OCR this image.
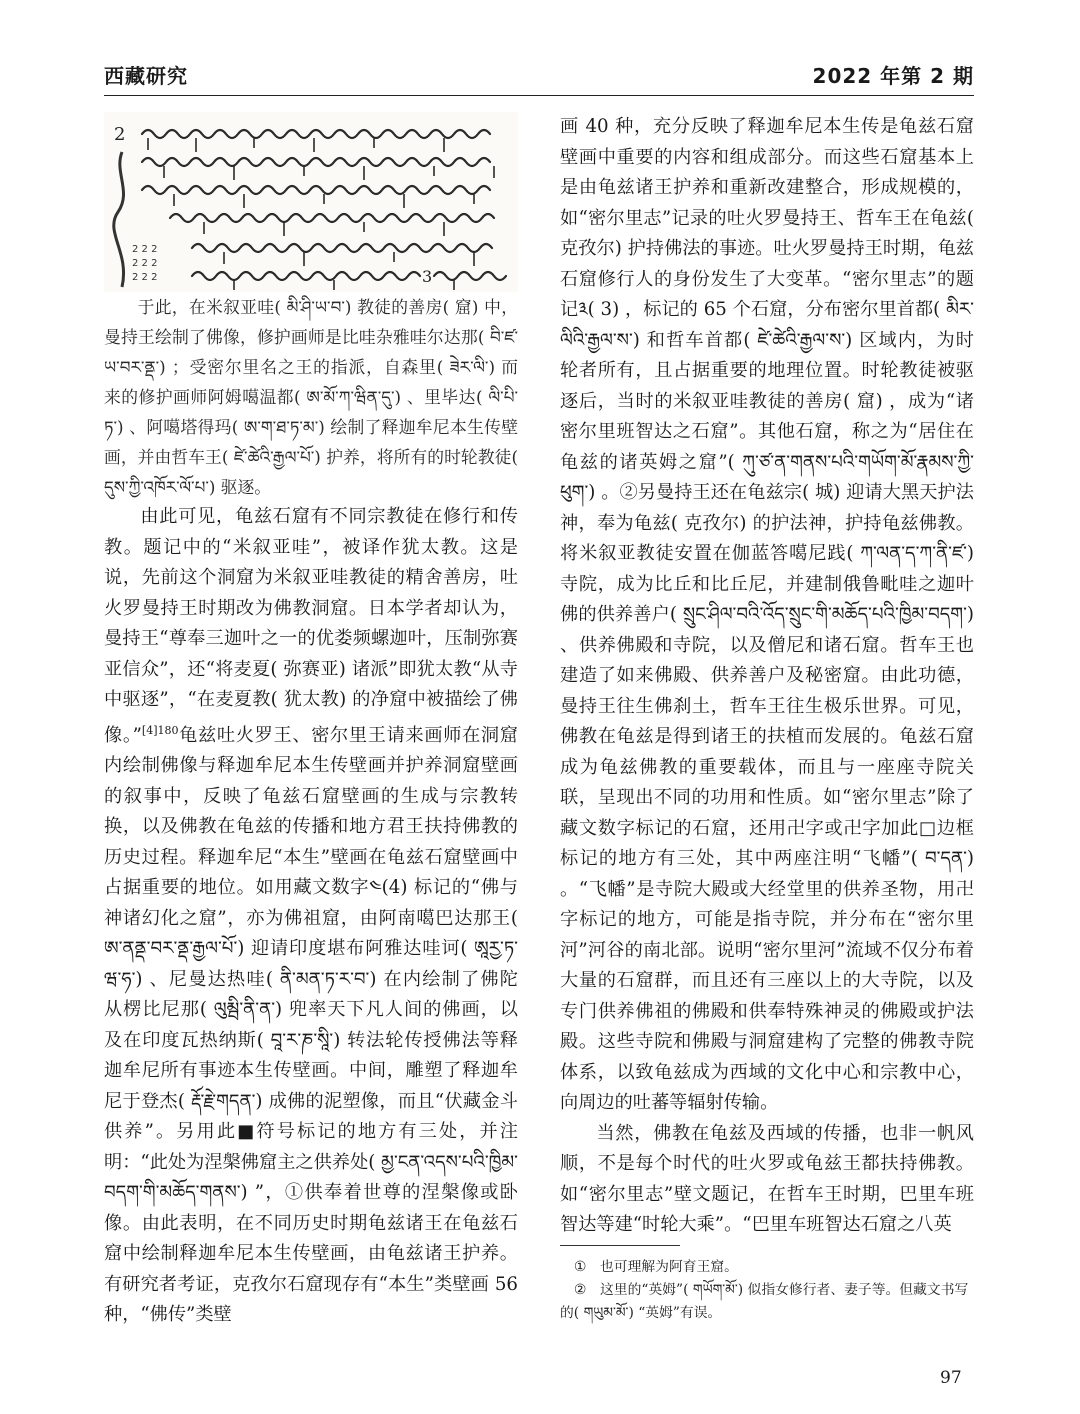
西藏研究	2022 年第 2 期
2
2 2 2
2 2 2
2 2 2	3

于此，在米叙亚哇( མི་ཤི་ཡ་བ་) 教徒的善房( 窟) 中，曼持王绘制了佛像，修护画师是比哇杂雅哇尔达那( བི་ཛ་ཡ་བར་ནྡ་) ；受密尔里名之王的指派，自森里( ཟེར་ལི་) 而来的修护画师阿姆噶温都( ཨ་མོ་ཀ་ཝིན་དུ་) 、里毕达( ལི་པི་ཏ་) 、阿噶塔得玛( ཨ་ག་ཐ་ཏ་མ་) 绘制了释迦牟尼本生传壁画，并由哲车王( ཛེ་ཚེའི་རྒྱལ་པོ་) 护养，将所有的时轮教徒( དུས་ཀྱི་འཁོར་ལོ་པ་) 驱逐。

由此可见，龟兹石窟有不同宗教徒在修行和传教。题记中的“米叙亚哇”，被译作犹太教。这是说，先前这个洞窟为米叙亚哇教徒的精舍善房，吐火罗曼持王时期改为佛教洞窟。日本学者却认为，曼持王“尊奉三迦叶之一的优娄频螺迦叶，压制弥赛亚信众”，还“将麦夏( 弥赛亚) 诸派”即犹太教“从寺中驱逐”，“在麦夏教( 犹太教) 的净窟中被描绘了佛像。”$^{[4]180}$龟兹吐火罗王、密尔里王请来画师在洞窟内绘制佛像与释迦牟尼本生传壁画并护养洞窟壁画的叙事中，反映了龟兹石窟壁画的生成与宗教转换，以及佛教在龟兹的传播和地方君王扶持佛教的历史过程。释迦牟尼“本生”壁画在龟兹石窟壁画中占据重要的地位。如用藏文数字༤(4) 标记的“佛与神诸幻化之窟”，亦为佛祖窟，由阿南噶巴达那王( ཨ་ནནྡ་བར་ནྡ་རྒྱལ་པོ་) 迎请印度堪布阿雅达哇诃( ཨཱརྱ་ཏ་ཝ་ཧ་) 、尼曼达热哇( ནི་མན་ཏ་ར་བ་) 在内绘制了佛陀从楞比尼那( ལུམྦི་ནི་ན་) 兜率天下凡人间的佛画，以及在印度瓦热纳斯( བཱ་ར་ཎ་སཱི་) 转法轮传授佛法等释迦牟尼所有事迹本生传壁画。中间，雕塑了释迦牟尼于登杰( རྡོ་རྗེ་གདན་) 成佛的泥塑像，而且“伏藏金斗供养”。另用此■符号标记的地方有三处，并注明：“此处为涅槃佛窟主之供养处( མྱ་ངན་འདས་པའི་ཁྱིམ་བདག་གི་མཆོད་གནས་) ”，①供奉着世尊的涅槃像或卧像。由此表明，在不同历史时期龟兹诸王在龟兹石窟中绘制释迦牟尼本生传壁画，由龟兹诸王护养。有研究者考证，克孜尔石窟现存有“本生”类壁画 56 种，“佛传”类壁

画 40 种，充分反映了释迦牟尼本生传是龟兹石窟壁画中重要的内容和组成部分。而这些石窟基本上是由龟兹诸王护养和重新改建整合，形成规模的，如“密尔里志”记录的吐火罗曼持王、哲车王在龟兹( 克孜尔) 护持佛法的事迹。吐火罗曼持王时期，龟兹石窟修行人的身份发生了大变革。“密尔里志”的题记༣( 3) ，标记的 65 个石窟，分布密尔里首都( མིར་ལིའི་རྒྱལ་ས་) 和哲车首都( ཛེ་ཚེའི་རྒྱལ་ས་) 区域内，为时轮者所有，且占据重要的地理位置。时轮教徒被驱逐后，当时的米叙亚哇教徒的善房( 窟) ，成为“诸密尔里班智达之石窟”。其他石窟，称之为“居住在龟兹的诸英姆之窟”( ཀུ་ཙ་ན་གནས་པའི་གཡོག་མོ་རྣམས་ཀྱི་ཕུག་) 。②另曼持王还在龟兹宗( 城) 迎请大黑天护法神，奉为龟兹( 克孜尔) 的护法神，护持龟兹佛教。将米叙亚教徒安置在伽蓝答噶尼践( ཀ་ལན་ད་ཀ་ནི་ཛ་) 寺院，成为比丘和比丘尼，并建制俄鲁毗哇之迦叶佛的供养善户( སྲུང་ཤིལ་བའི་འོད་སྲུང་གི་མཆོད་པའི་ཁྱིམ་བདག་) 、供养佛殿和寺院，以及僧尼和诸石窟。哲车王也建造了如来佛殿、供养善户及秘密窟。由此功德，曼持王往生佛刹土，哲车王往生极乐世界。可见，佛教在龟兹是得到诸王的扶植而发展的。龟兹石窟成为龟兹佛教的重要载体，而且与一座座寺院关联，呈现出不同的功用和性质。如“密尔里志”除了藏文数字标记的石窟，还用卍字或卍字加此□边框标记的地方有三处，其中两座注明“飞幡”( བ་དན་) 。“飞幡”是寺院大殿或大经堂里的供养圣物，用卍字标记的地方，可能是指寺院，并分布在“密尔里河”河谷的南北部。说明“密尔里河”流域不仅分布着大量的石窟群，而且还有三座以上的大寺院，以及专门供养佛祖的佛殿和供奉特殊神灵的佛殿或护法殿。这些寺院和佛殿与洞窟建构了完整的佛教寺院体系，以致龟兹成为西域的文化中心和宗教中心，向周边的吐蕃等辐射传输。

当然，佛教在龟兹及西域的传播，也非一帆风顺，不是每个时代的吐火罗或龟兹王都扶持佛教。如“密尔里志”壁文题记，在哲车王时期，巴里车班智达等建“时轮大乘”。“巴里车班智达石窟之八英

① 也可理解为阿育王窟。
② 这里的“英姆”( གཡོག་མོ་) 似指女修行者、妻子等。但藏文书写的( གཡུམ་མོ་) “英姆”有误。
97
